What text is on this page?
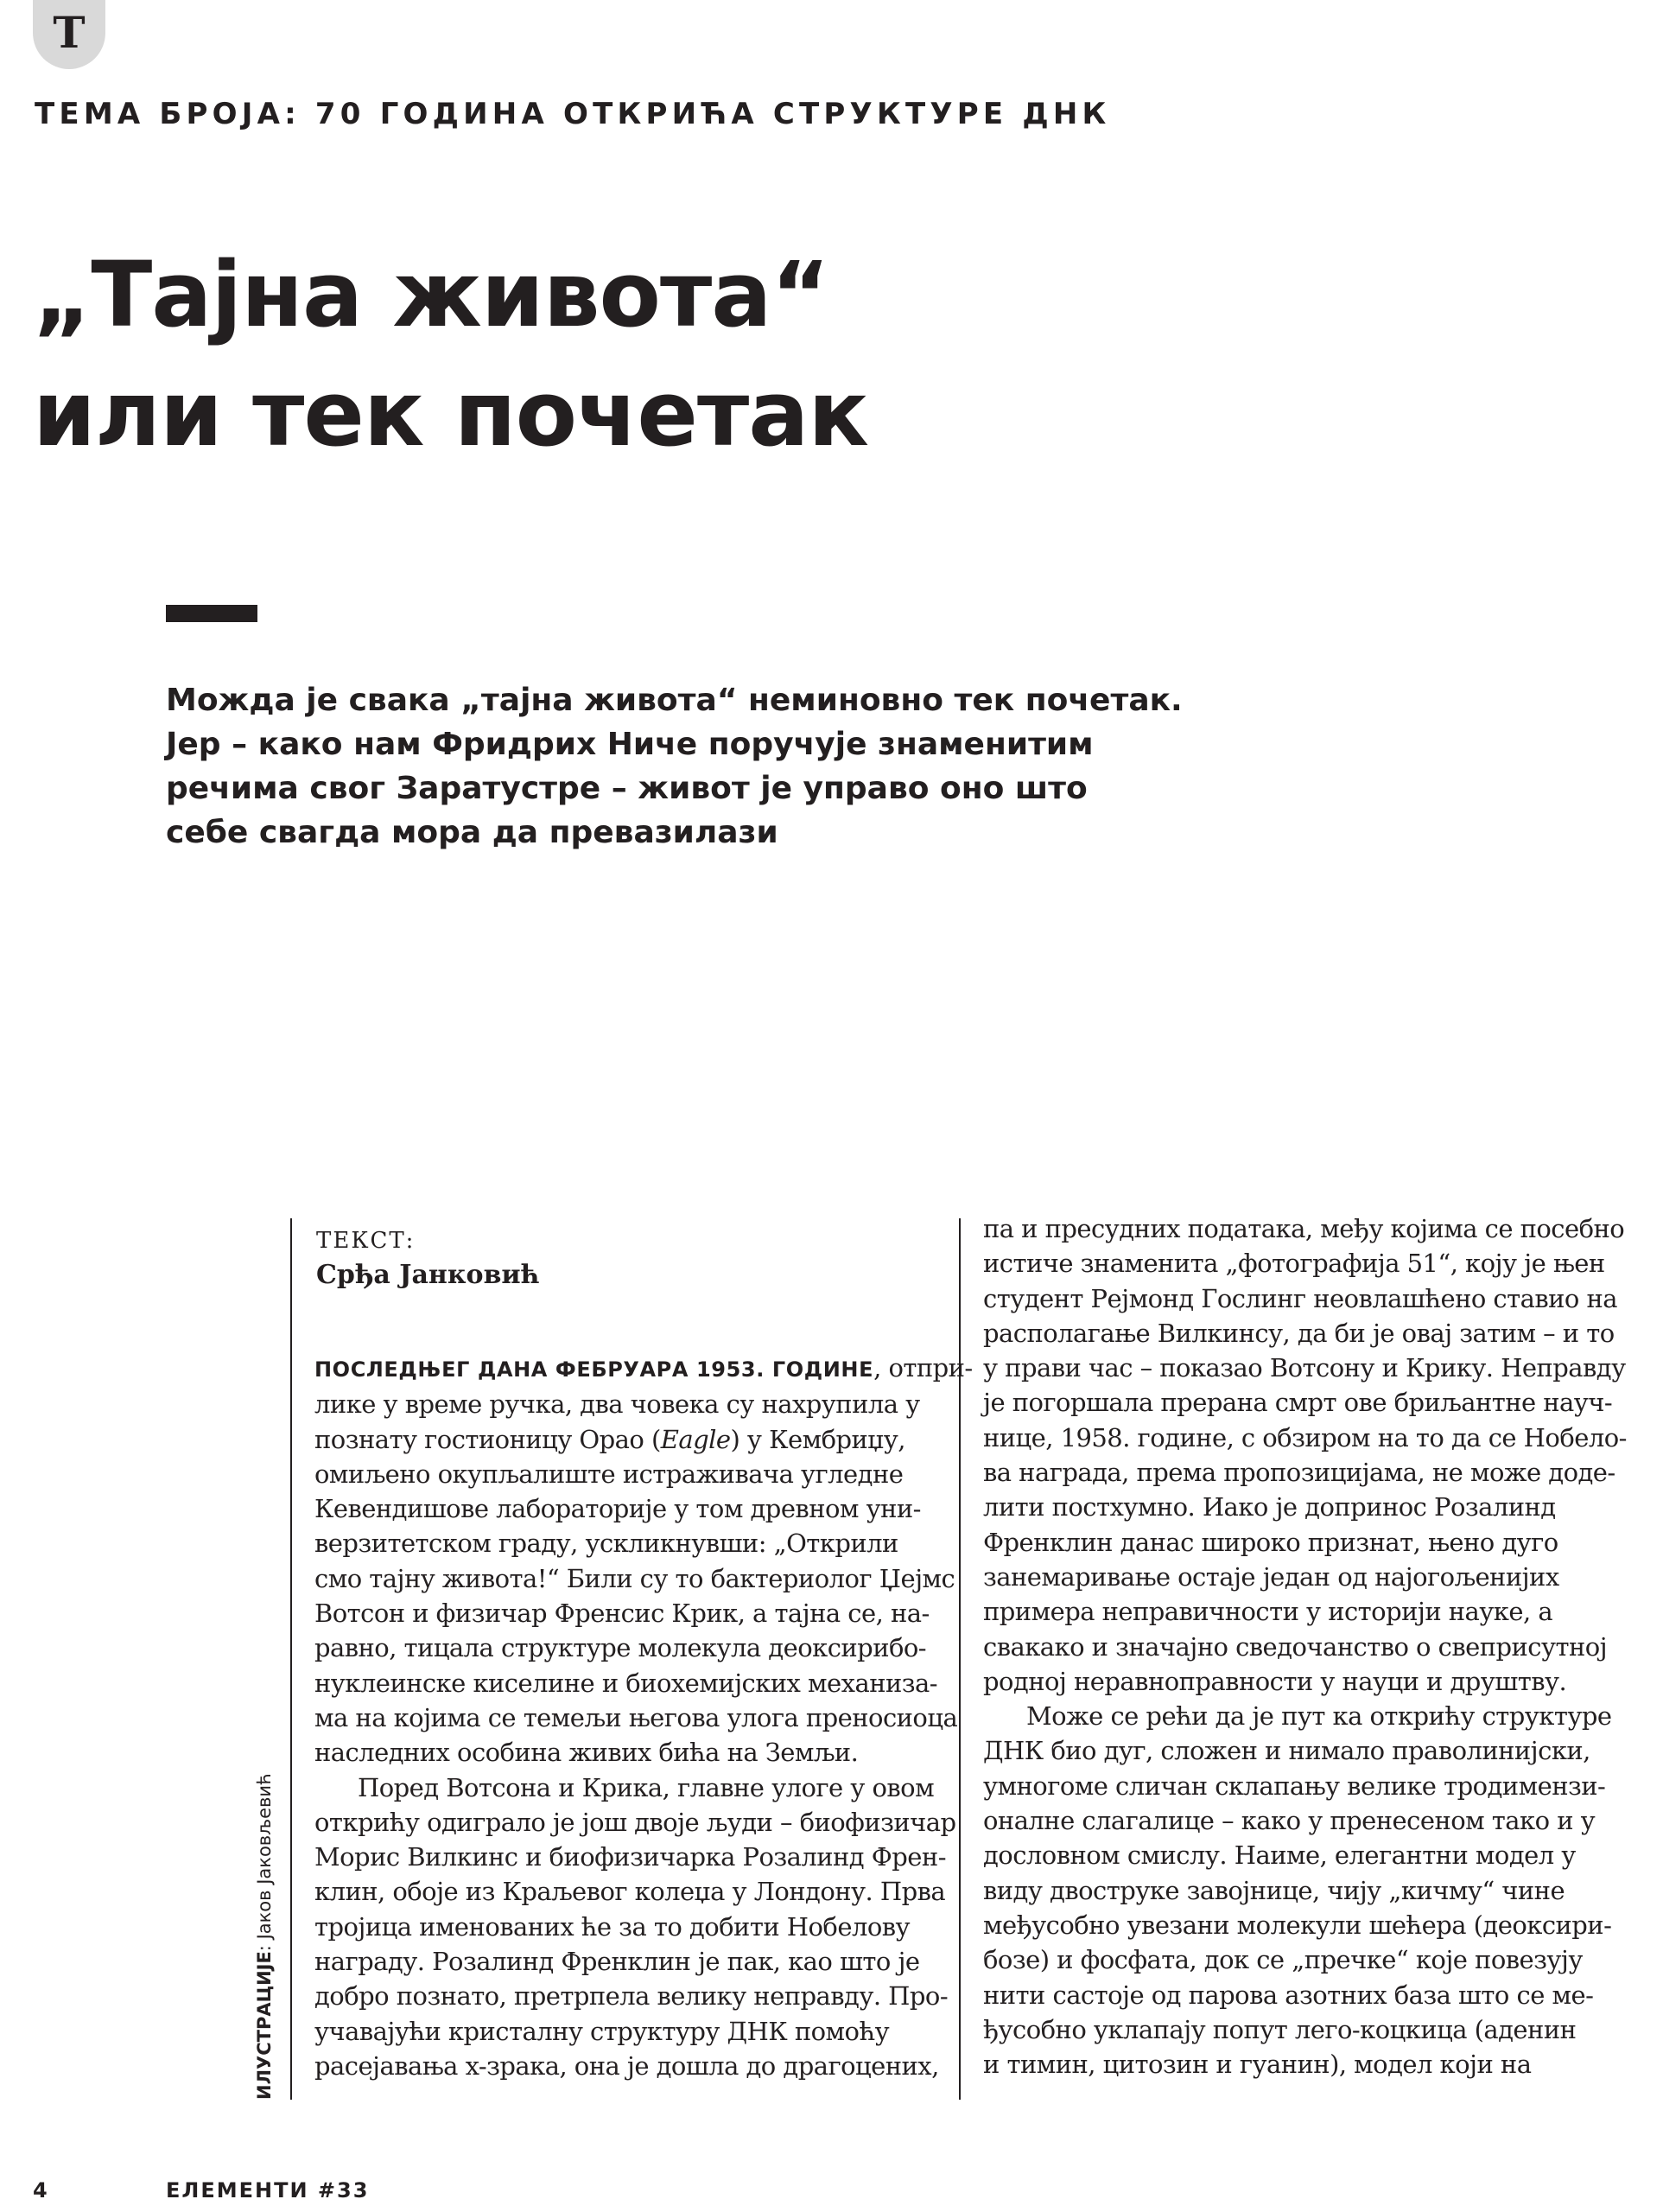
Т
ТЕМА БРОЈА: 70 ГОДИНА ОТКРИЋА СТРУКТУРЕ ДНК
„Тајна живота“
или тек почетак
Можда је свака „тајна живота“ неминовно тек почетак.
Јер – како нам Фридрих Ниче поручује знаменитим
речима свог Заратустре – живот је управо оно што
себе свагда мора да превазилази
ИЛУСТРАЦИЈЕ: Јаков Јаковљевић
ТЕКСТ:
Срђа Јанковић
ПОСЛЕДЊЕГ ДАНА ФЕБРУАРА 1953. ГОДИНЕ, отпри-
лике у време ручка, два човека су нахрупила у
познату гостионицу Орао (Eagle) у Кембриџу,
омиљено окупљалиште истраживача угледне
Кевендишове лабораторије у том древном уни-
верзитетском граду, ускликнувши: „Открили
смо тајну живота!“ Били су то бактериолог Џејмс
Вотсон и физичар Френсис Крик, а тајна се, на-
равно, тицала структуре молекула деоксирибо-
нуклеинске киселине и биохемијских механиза-
ма на којима се темељи његова улога преносиоца
наследних особина живих бића на Земљи.
Поред Вотсона и Крика, главне улоге у овом
открићу одиграло је још двоје људи – биофизичар
Морис Вилкинс и биофизичарка Розалинд Френ-
клин, обоје из Краљевог колеџа у Лондону. Прва
тројица именованих ће за то добити Нобелову
награду. Розалинд Френклин је пак, као што је
добро познато, претрпела велику неправду. Про-
учавајући кристалну структуру ДНК помоћу
расејавања x-зрака, она је дошла до драгоцених,
па и пресудних података, међу којима се посебно
истиче знаменита „фотографија 51“, коју је њен
студент Рејмонд Гослинг неовлашћено ставио на
располагање Вилкинсу, да би је овај затим – и то
у прави час – показао Вотсону и Крику. Неправду
је погоршала прерана смрт ове бриљантне науч-
нице, 1958. године, с обзиром на то да се Нобело-
ва награда, према пропозицијама, не може доде-
лити постхумно. Иако је допринос Розалинд
Френклин данас широко признат, њено дуго
занемаривање остаје један од најогољенијих
примера неправичности у историји науке, а
свакако и значајно сведочанство о свеприсутној
родној неравноправности у науци и друштву.
Може се рећи да је пут ка открићу структуре
ДНК био дуг, сложен и нимало праволинијски,
умногоме сличан склапању велике тродимензи-
оналне слагалице – како у пренесеном тако и у
дословном смислу. Наиме, елегантни модел у
виду двоструке завојнице, чију „кичму“ чине
међусобно увезани молекули шећера (деоксири-
бозе) и фосфата, док се „пречке“ које повезују
нити састоје од парова азотних база што се ме-
ђусобно уклапају попут лего-коцкица (аденин
и тимин, цитозин и гуанин), модел који на
4	ЕЛЕМЕНТИ #33
